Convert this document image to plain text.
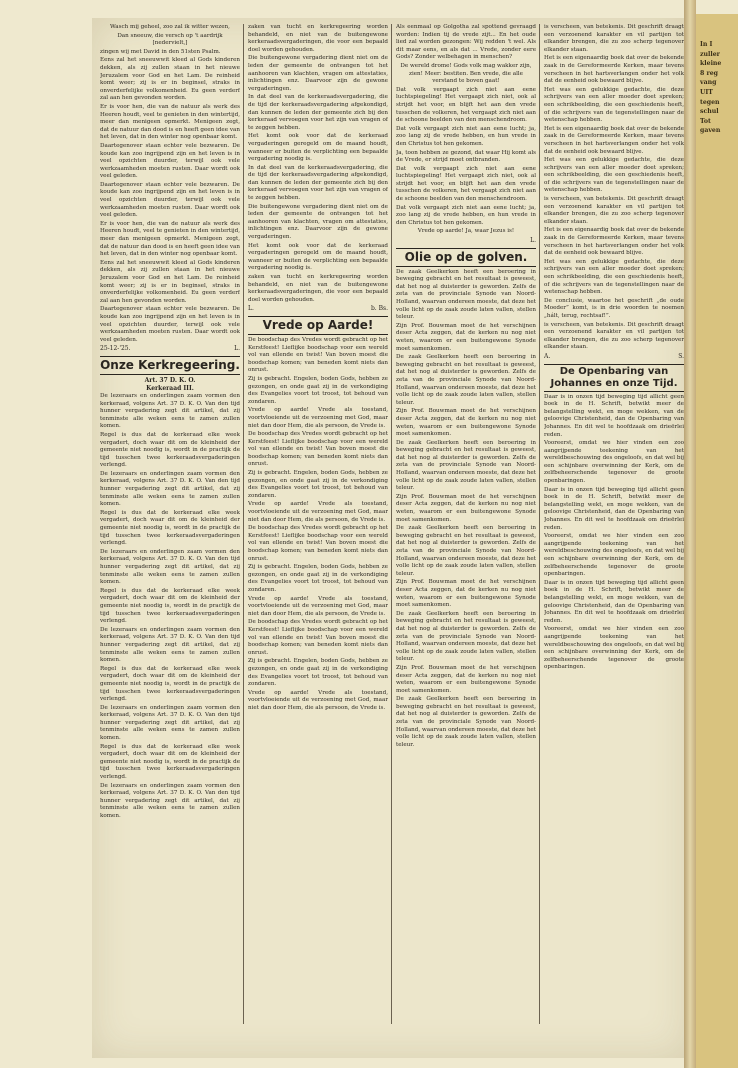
Wasch mij geheel, zoo zal ik witter wezen,

Dan sneeuw, die versch op 't aardrijk [nedervielt,]

zingen wij met David in den 51sten Psalm.

Eens zal het sneeuwwit kleed al Gods kinderen dekken, als zij zullen staan in het nieuwe Jeruzalem voor God en het Lam. De reinheid komt weer; zij is er in beginsel, straks in onverderfelijke volkomenheid. Eu geen verderf zal aan hen gevonden worden.

Er is voor hen, die van de natuur als werk des Heeren houdt, veel te genieten in den wintertijd, meer dan menigeen opmerkt. Menigeen zegt, dat de natuur dan dood is en heeft geen idee van het leven, dat in den winter nog openbaar komt.

Daartegenover staan echter vele bezwaren. De koude kan zoo ingrijpend zijn en het leven is in veel opzichten duurder, terwijl ook vele werkzaamheden moeten rusten. Daar wordt ook veel geleden.

Daartegenover staan echter vele bezwaren. De koude kan zoo ingrijpend zijn en het leven is in veel opzichten duurder, terwijl ook vele werkzaamheden moeten rusten. Daar wordt ook veel geleden.

Er is voor hen, die van de natuur als werk des Heeren houdt, veel te genieten in den wintertijd, meer dan menigeen opmerkt. Menigeen zegt, dat de natuur dan dood is en heeft geen idee van het leven, dat in den winter nog openbaar komt.

Eens zal het sneeuwwit kleed al Gods kinderen dekken, als zij zullen staan in het nieuwe Jeruzalem voor God en het Lam. De reinheid komt weer; zij is er in beginsel, straks in onverderfelijke volkomenheid. Eu geen verderf zal aan hen gevonden worden.

Daartegenover staan echter vele bezwaren. De koude kan zoo ingrijpend zijn en het leven is in veel opzichten duurder, terwijl ook vele werkzaamheden moeten rusten. Daar wordt ook veel geleden.

25-12-'25.	L.
Onze Kerkregeering.
Art. 37 D. K. O.
Kerkeraad III.

De lezeraars en onderlingen zaam vormen den kerkeraad, volgens Art. 37 D. K. O. Van den tijd hunner vergadering zegt dit artikel, dat zij tenminste alle weken eens te zamen zullen komen.

Regel is dus dat de kerkeraad elke week vergadert, doch waar dit om de kleinheid der gemeente niet noodig is, wordt in de practijk de tijd tusschen twee kerkeraadsvergaderingen verlengd.

De lezeraars en onderlingen zaam vormen den kerkeraad, volgens Art. 37 D. K. O. Van den tijd hunner vergadering zegt dit artikel, dat zij tenminste alle weken eens te zamen zullen komen.

Regel is dus dat de kerkeraad elke week vergadert, doch waar dit om de kleinheid der gemeente niet noodig is, wordt in de practijk de tijd tusschen twee kerkeraadsvergaderingen verlengd.

De lezeraars en onderlingen zaam vormen den kerkeraad, volgens Art. 37 D. K. O. Van den tijd hunner vergadering zegt dit artikel, dat zij tenminste alle weken eens te zamen zullen komen.

Regel is dus dat de kerkeraad elke week vergadert, doch waar dit om de kleinheid der gemeente niet noodig is, wordt in de practijk de tijd tusschen twee kerkeraadsvergaderingen verlengd.

De lezeraars en onderlingen zaam vormen den kerkeraad, volgens Art. 37 D. K. O. Van den tijd hunner vergadering zegt dit artikel, dat zij tenminste alle weken eens te zamen zullen komen.

Regel is dus dat de kerkeraad elke week vergadert, doch waar dit om de kleinheid der gemeente niet noodig is, wordt in de practijk de tijd tusschen twee kerkeraadsvergaderingen verlengd.

De lezeraars en onderlingen zaam vormen den kerkeraad, volgens Art. 37 D. K. O. Van den tijd hunner vergadering zegt dit artikel, dat zij tenminste alle weken eens te zamen zullen komen.

Regel is dus dat de kerkeraad elke week vergadert, doch waar dit om de kleinheid der gemeente niet noodig is, wordt in de practijk de tijd tusschen twee kerkeraadsvergaderingen verlengd.

De lezeraars en onderlingen zaam vormen den kerkeraad, volgens Art. 37 D. K. O. Van den tijd hunner vergadering zegt dit artikel, dat zij tenminste alle weken eens te zamen zullen komen.

zaken van tucht en kerkregeering worden behandeld, en niet van de buitengewone kerkeraadsvergaderingen, die voor een bepaald doel worden gehouden.

Die buitengewone vergadering dient niet om de leden der gemeente de ontvangen tot het aanhooren van klachten, vragen om attestaties, inlichtingen enz. Daarvoor zijn de gewone vergaderingen.

In dat deel van de kerkeraadsvergadering, die de tijd der kerkeraadsvergadering afgekondigd, dan kunnen de leden der gemeente zich bij den kerkeraad vervoegen voor het zijn van vragen of te zeggen hebben.

Het komt ook voor dat de kerkeraad vergaderingen geregeld om de maand houdt, wanneer er buiten de verplichting een bepaalde vergadering noodig is.

In dat deel van de kerkeraadsvergadering, die de tijd der kerkeraadsvergadering afgekondigd, dan kunnen de leden der gemeente zich bij den kerkeraad vervoegen voor het zijn van vragen of te zeggen hebben.

Die buitengewone vergadering dient niet om de leden der gemeente de ontvangen tot het aanhooren van klachten, vragen om attestaties, inlichtingen enz. Daarvoor zijn de gewone vergaderingen.

Het komt ook voor dat de kerkeraad vergaderingen geregeld om de maand houdt, wanneer er buiten de verplichting een bepaalde vergadering noodig is.

zaken van tucht en kerkregeering worden behandeld, en niet van de buitengewone kerkeraadsvergaderingen, die voor een bepaald doel worden gehouden.

L.	b. Bs.
Vrede op Aarde!

De boodschap des Vredes wordt gebracht op het Kerstfeest! Lieflijke boodschap voor een wereld vol van ellende en twist! Van boven moest die boodschap komen; van beneden komt niets dan onrust.

Zij is gebracht. Engelen, boden Gods, hebben ze gezongen, en onde gaat zij in de verkondiging des Evangelies voort tot troost, tot behoud van zondaren.

Vrede op aarde! Vrede als toestand, voortvloeiende uit de verzoening met God, maar niet dan door Hem, die als persoon, de Vrede is.

De boodschap des Vredes wordt gebracht op het Kerstfeest! Lieflijke boodschap voor een wereld vol van ellende en twist! Van boven moest die boodschap komen; van beneden komt niets dan onrust.

Zij is gebracht. Engelen, boden Gods, hebben ze gezongen, en onde gaat zij in de verkondiging des Evangelies voort tot troost, tot behoud van zondaren.

Vrede op aarde! Vrede als toestand, voortvloeiende uit de verzoening met God, maar niet dan door Hem, die als persoon, de Vrede is.

De boodschap des Vredes wordt gebracht op het Kerstfeest! Lieflijke boodschap voor een wereld vol van ellende en twist! Van boven moest die boodschap komen; van beneden komt niets dan onrust.

Zij is gebracht. Engelen, boden Gods, hebben ze gezongen, en onde gaat zij in de verkondiging des Evangelies voort tot troost, tot behoud van zondaren.

Vrede op aarde! Vrede als toestand, voortvloeiende uit de verzoening met God, maar niet dan door Hem, die als persoon, de Vrede is.

De boodschap des Vredes wordt gebracht op het Kerstfeest! Lieflijke boodschap voor een wereld vol van ellende en twist! Van boven moest die boodschap komen; van beneden komt niets dan onrust.

Zij is gebracht. Engelen, boden Gods, hebben ze gezongen, en onde gaat zij in de verkondiging des Evangelies voort tot troost, tot behoud van zondaren.

Vrede op aarde! Vrede als toestand, voortvloeiende uit de verzoening met God, maar niet dan door Hem, die als persoon, de Vrede is.

Als eenmaal op Golgotha zal spottend gevraagd worden: Indien tij de vrede zijt... En het oude lied zal worden gezongen: Wij redden 't wel. Als dit maar eens, en als dat ... Vrede, zonder eere Gods? Zonder welbehagen in menschen?

De wereld drome! Gods volk mag wakker zijn, zien! Meer: bestiten. Ben vrede, die alle verstand te boven gaat!

Dat volk vergaapt zich niet aan eene luchtspiegeling! Het vergaapt zich niet, ook al strijdt het voor, en blijft het aan den vrede tusschen de volkeren, het vergaapt zich niet aan de schoone beelden van den menschendroom.

Dat volk vergaapt zich niet aan eene lucht; ja, zoo lang zij de vrede hebben, en hun vrede in den Christus tot hen gekomen.

Ja, toon hebben ze gezond, dat waar Hij komt als de Vrede, er strijd moet ontbranden.

Dat volk vergaapt zich niet aan eene luchtspiegeling! Het vergaapt zich niet, ook al strijdt het voor, en blijft het aan den vrede tusschen de volkeren, het vergaapt zich niet aan de schoone beelden van den menschendroom.

Dat volk vergaapt zich niet aan eene lucht; ja, zoo lang zij de vrede hebben, en hun vrede in den Christus tot hen gekomen.

Vrede op aarde! Ja, waar Jezus is!

L.
Olie op de golven.

De zaak Geelkerken heeft een beroering in beweging gebracht en het resultaat is geweest, dat het nog al duisterder is geworden. Zelfs de zeta van de provinciale Synode van Noord-Holland, waarvan ondereen moeste, dat deze het volle licht op de zaak zoude laten vallen, stellen teleur.

Zijn Prof. Bouwman moet de het verschijnen deser Acta zeggen, dat de kerken nu nog niet weten, waarom er een buitengewone Synode moet samenkomen.

De zaak Geelkerken heeft een beroering in beweging gebracht en het resultaat is geweest, dat het nog al duisterder is geworden. Zelfs de zeta van de provinciale Synode van Noord-Holland, waarvan ondereen moeste, dat deze het volle licht op de zaak zoude laten vallen, stellen teleur.

Zijn Prof. Bouwman moet de het verschijnen deser Acta zeggen, dat de kerken nu nog niet weten, waarom er een buitengewone Synode moet samenkomen.

De zaak Geelkerken heeft een beroering in beweging gebracht en het resultaat is geweest, dat het nog al duisterder is geworden. Zelfs de zeta van de provinciale Synode van Noord-Holland, waarvan ondereen moeste, dat deze het volle licht op de zaak zoude laten vallen, stellen teleur.

Zijn Prof. Bouwman moet de het verschijnen deser Acta zeggen, dat de kerken nu nog niet weten, waarom er een buitengewone Synode moet samenkomen.

De zaak Geelkerken heeft een beroering in beweging gebracht en het resultaat is geweest, dat het nog al duisterder is geworden. Zelfs de zeta van de provinciale Synode van Noord-Holland, waarvan ondereen moeste, dat deze het volle licht op de zaak zoude laten vallen, stellen teleur.

Zijn Prof. Bouwman moet de het verschijnen deser Acta zeggen, dat de kerken nu nog niet weten, waarom er een buitengewone Synode moet samenkomen.

De zaak Geelkerken heeft een beroering in beweging gebracht en het resultaat is geweest, dat het nog al duisterder is geworden. Zelfs de zeta van de provinciale Synode van Noord-Holland, waarvan ondereen moeste, dat deze het volle licht op de zaak zoude laten vallen, stellen teleur.

Zijn Prof. Bouwman moet de het verschijnen deser Acta zeggen, dat de kerken nu nog niet weten, waarom er een buitengewone Synode moet samenkomen.

De zaak Geelkerken heeft een beroering in beweging gebracht en het resultaat is geweest, dat het nog al duisterder is geworden. Zelfs de zeta van de provinciale Synode van Noord-Holland, waarvan ondereen moeste, dat deze het volle licht op de zaak zoude laten vallen, stellen teleur.

is verscheen, van betekenis. Dit geschrift draagt een verzoenend karakter en vil partijen tot elkander brengen, die zu zoo scherp tegenover elkander staan.

Het is een eigenaardig boek dat over de bekende zaak in de Gereformeerde Kerken, maar tevens verscheen in het hartsverlangen onder het volk dat de eenheid ook bewaard blijve.

Het was een gelukkige gedachte, die deze schrijvers van een aller moeder doet spreken; een schrikbeelding, die een geschiedenis heeft, of die schrijvers van de tegenstellingen naar de wetenschap hebben.

Het is een eigenaardig boek dat over de bekende zaak in de Gereformeerde Kerken, maar tevens verscheen in het hartsverlangen onder het volk dat de eenheid ook bewaard blijve.

Het was een gelukkige gedachte, die deze schrijvers van een aller moeder doet spreken; een schrikbeelding, die een geschiedenis heeft, of die schrijvers van de tegenstellingen naar de wetenschap hebben.

is verscheen, van betekenis. Dit geschrift draagt een verzoenend karakter en vil partijen tot elkander brengen, die zu zoo scherp tegenover elkander staan.

Het is een eigenaardig boek dat over de bekende zaak in de Gereformeerde Kerken, maar tevens verscheen in het hartsverlangen onder het volk dat de eenheid ook bewaard blijve.

Het was een gelukkige gedachte, die deze schrijvers van een aller moeder doet spreken; een schrikbeelding, die een geschiedenis heeft, of die schrijvers van de tegenstellingen naar de wetenschap hebben.

De conclusie, waartoe het geschrift „de oude Moeder” komt, is in drie woorden te noemen „hált, terug, rechtsaf!”.

is verscheen, van betekenis. Dit geschrift draagt een verzoenend karakter en vil partijen tot elkander brengen, die zu zoo scherp tegenover elkander staan.

A.	S.
De Openbaring van Johannes en onze Tijd.

Daar is in onzen tijd beweging tijd allicht geen boek in de H. Schrift, betwikt meer de belangstelling wekt, en moge wekken, van de geloovige Christenheid, dan de Openbaring van Johannes. En dit wel te hoofdzaak om drieërlei reden.

Vooreerst, omdat we hier vinden een zoo aangrijpende teekening van het wereldbeschouwing des ongeloofs, en dat wel bij een schijnbare overwinning der Kerk, om de zelfbeheerschende tegenover de groote openbaringen.

Daar is in onzen tijd beweging tijd allicht geen boek in de H. Schrift, betwikt meer de belangstelling wekt, en moge wekken, van de geloovige Christenheid, dan de Openbaring van Johannes. En dit wel te hoofdzaak om drieërlei reden.

Vooreerst, omdat we hier vinden een zoo aangrijpende teekening van het wereldbeschouwing des ongeloofs, en dat wel bij een schijnbare overwinning der Kerk, om de zelfbeheerschende tegenover de groote openbaringen.

Daar is in onzen tijd beweging tijd allicht geen boek in de H. Schrift, betwikt meer de belangstelling wekt, en moge wekken, van de geloovige Christenheid, dan de Openbaring van Johannes. En dit wel te hoofdzaak om drieërlei reden.

Vooreerst, omdat we hier vinden een zoo aangrijpende teekening van het wereldbeschouwing des ongeloofs, en dat wel bij een schijnbare overwinning der Kerk, om de zelfbeheerschende tegenover de groote openbaringen.

In I
zuller
kleine
8 reg
vang
UIT
tegen
schul
Tot
gaven
